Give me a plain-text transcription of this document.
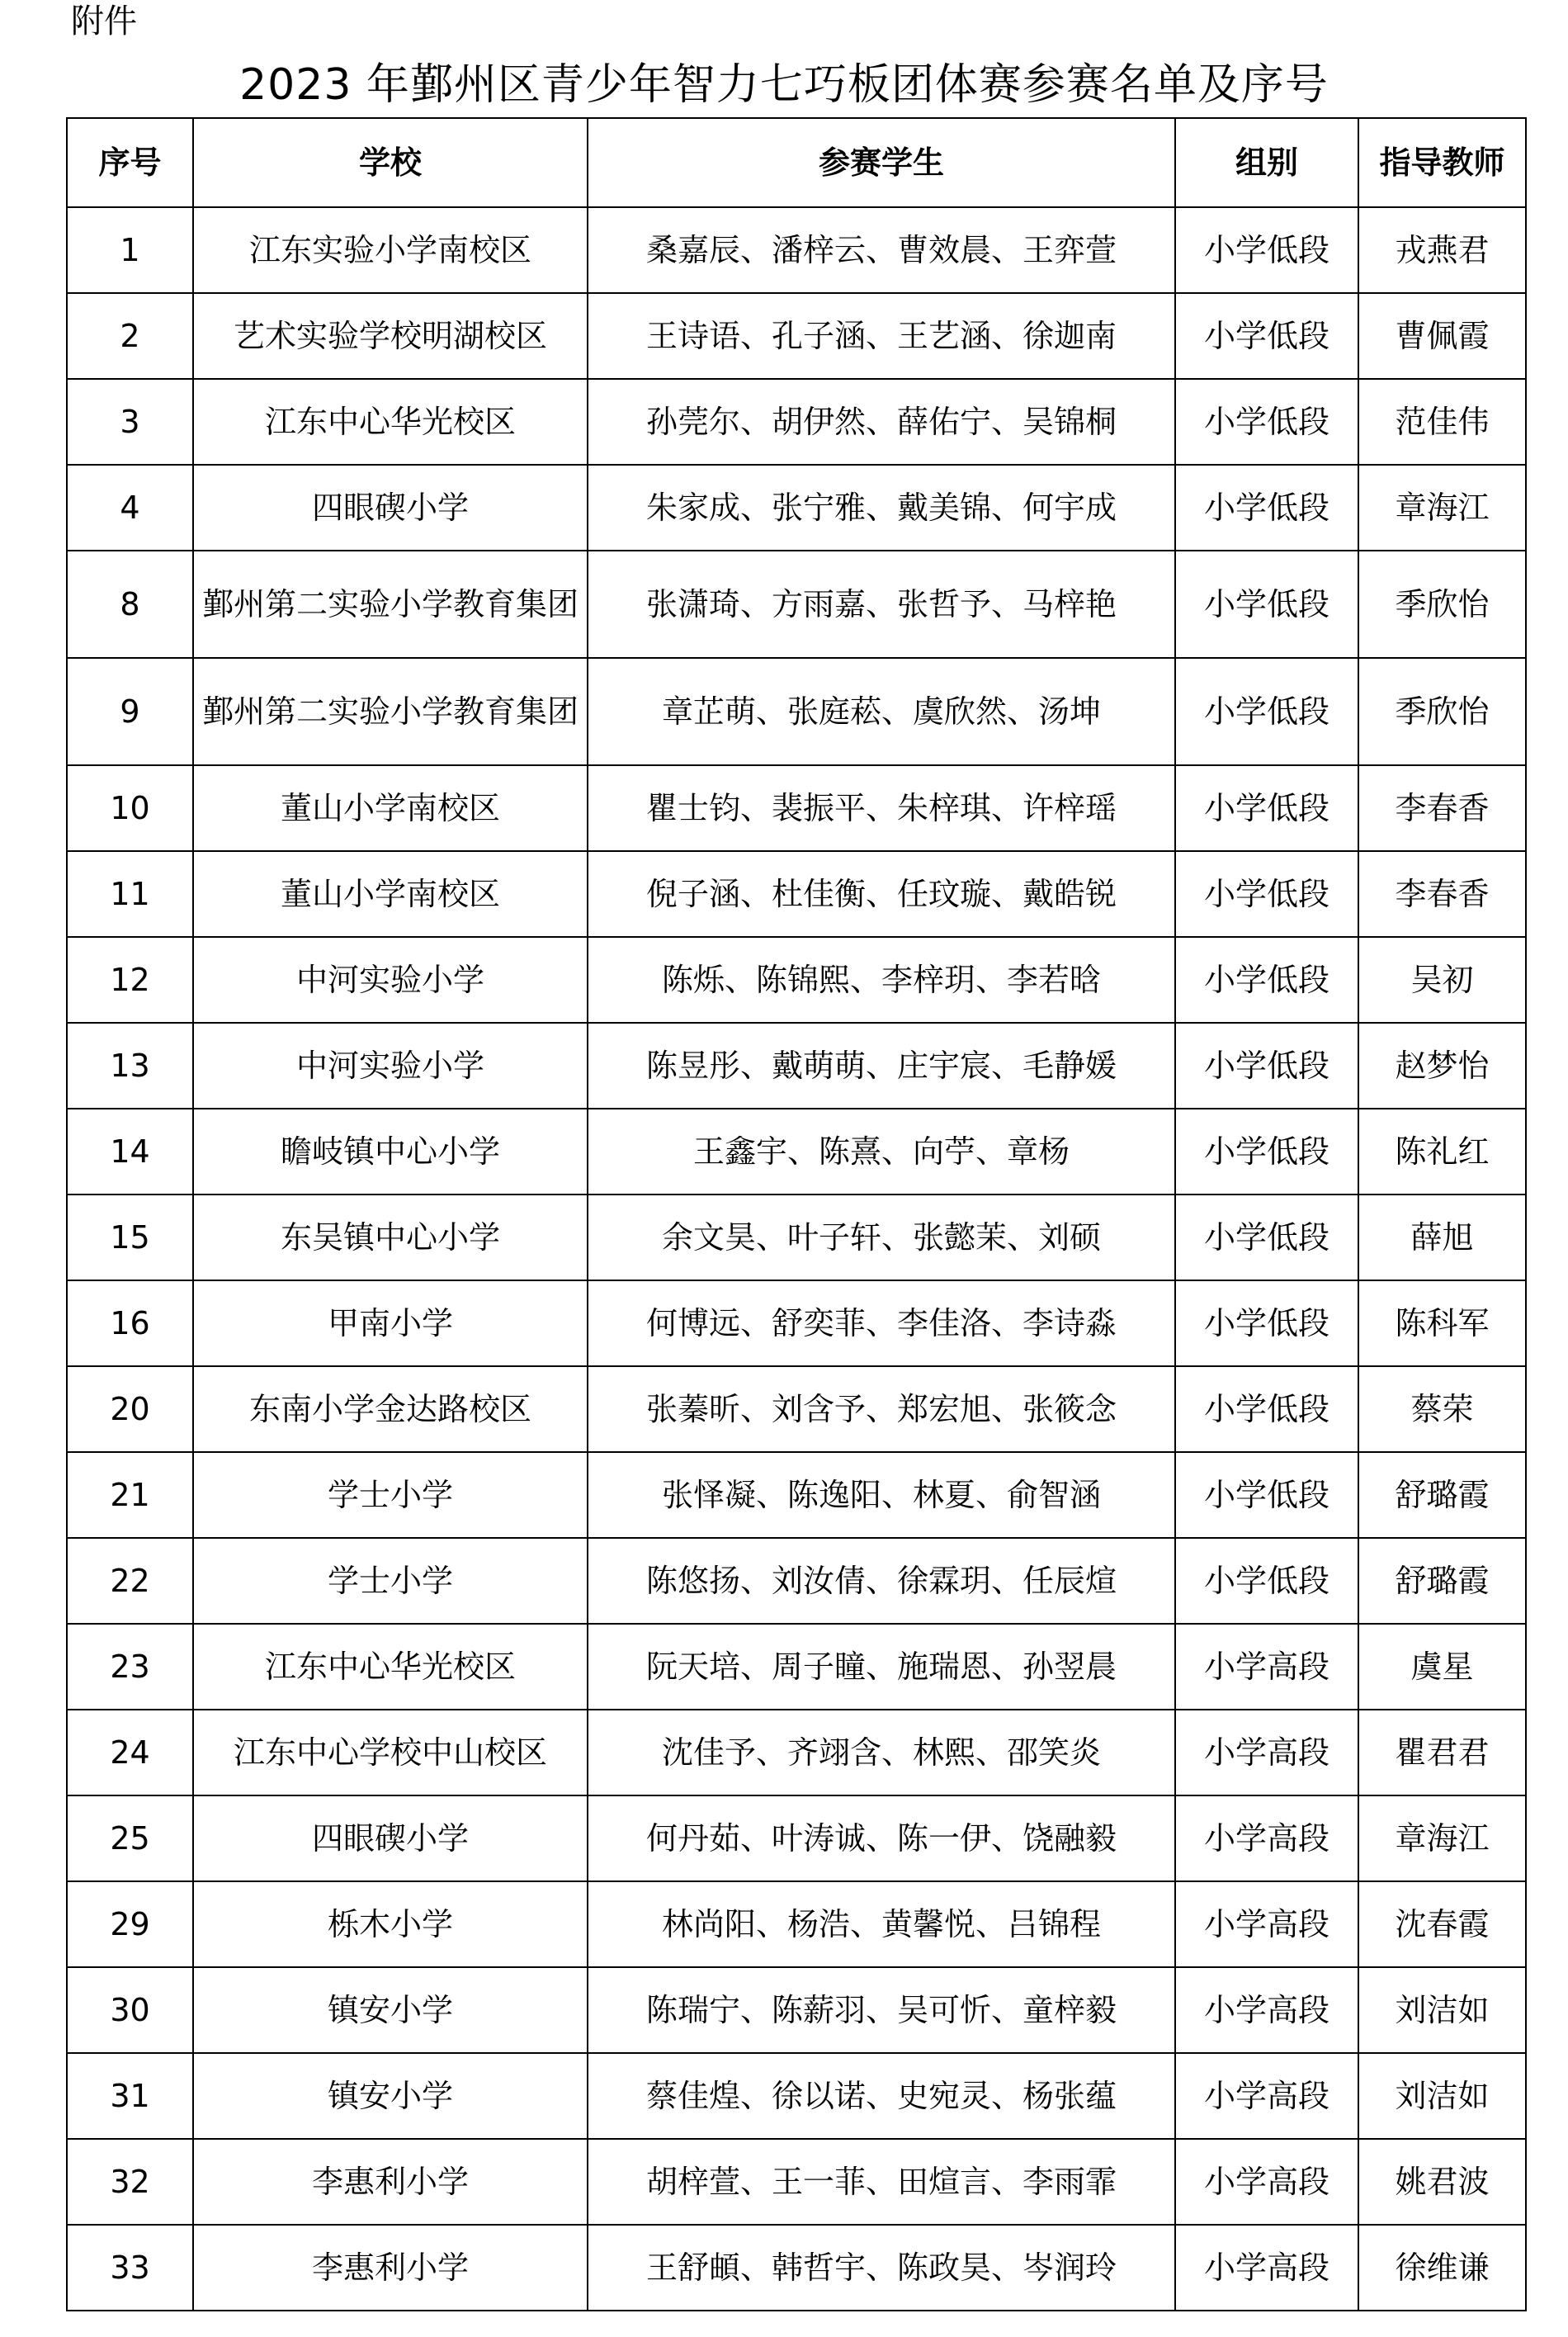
附件
2023 年鄞州区青少年智力七巧板团体赛参赛名单及序号
序号	学校	参赛学生	组别	指导教师
1	江东实验小学南校区	桑嘉辰、潘梓云、曹效晨、王弈萱	小学低段	戎燕君
2	艺术实验学校明湖校区	王诗语、孔子涵、王艺涵、徐迦南	小学低段	曹佩霞
3	江东中心华光校区	孙莞尔、胡伊然、薛佑宁、吴锦桐	小学低段	范佳伟
4	四眼碶小学	朱家成、张宁雅、戴美锦、何宇成	小学低段	章海江
8	鄞州第二实验小学教育集团	张潇琦、方雨嘉、张哲予、马梓艳	小学低段	季欣怡
9	鄞州第二实验小学教育集团	章芷萌、张庭菘、虞欣然、汤坤	小学低段	季欣怡
10	董山小学南校区	瞿士钧、裴振平、朱梓琪、许梓瑶	小学低段	李春香
11	董山小学南校区	倪子涵、杜佳衡、任玟璇、戴皓锐	小学低段	李春香
12	中河实验小学	陈烁、陈锦熙、李梓玥、李若晗	小学低段	吴初
13	中河实验小学	陈昱彤、戴萌萌、庄宇宸、毛静媛	小学低段	赵梦怡
14	瞻岐镇中心小学	王鑫宇、陈熹、向苧、章杨	小学低段	陈礼红
15	东吴镇中心小学	余文昊、叶子轩、张懿茉、刘硕	小学低段	薛旭
16	甲南小学	何博远、舒奕菲、李佳洛、李诗淼	小学低段	陈科军
20	东南小学金达路校区	张蓁昕、刘含予、郑宏旭、张筱念	小学低段	蔡荣
21	学士小学	张怿凝、陈逸阳、林夏、俞智涵	小学低段	舒璐霞
22	学士小学	陈悠扬、刘汝倩、徐霖玥、任辰煊	小学低段	舒璐霞
23	江东中心华光校区	阮天培、周子瞳、施瑞恩、孙翌晨	小学高段	虞星
24	江东中心学校中山校区	沈佳予、齐翊含、林熙、邵笑炎	小学高段	瞿君君
25	四眼碶小学	何丹茹、叶涛诚、陈一伊、饶融毅	小学高段	章海江
29	栎木小学	林尚阳、杨浩、黄馨悦、吕锦程	小学高段	沈春霞
30	镇安小学	陈瑞宁、陈薪羽、吴可忻、童梓毅	小学高段	刘洁如
31	镇安小学	蔡佳煌、徐以诺、史宛灵、杨张蕴	小学高段	刘洁如
32	李惠利小学	胡梓萱、王一菲、田煊言、李雨霏	小学高段	姚君波
33	李惠利小学	王舒頔、韩哲宇、陈政昊、岑润玲	小学高段	徐维谦
